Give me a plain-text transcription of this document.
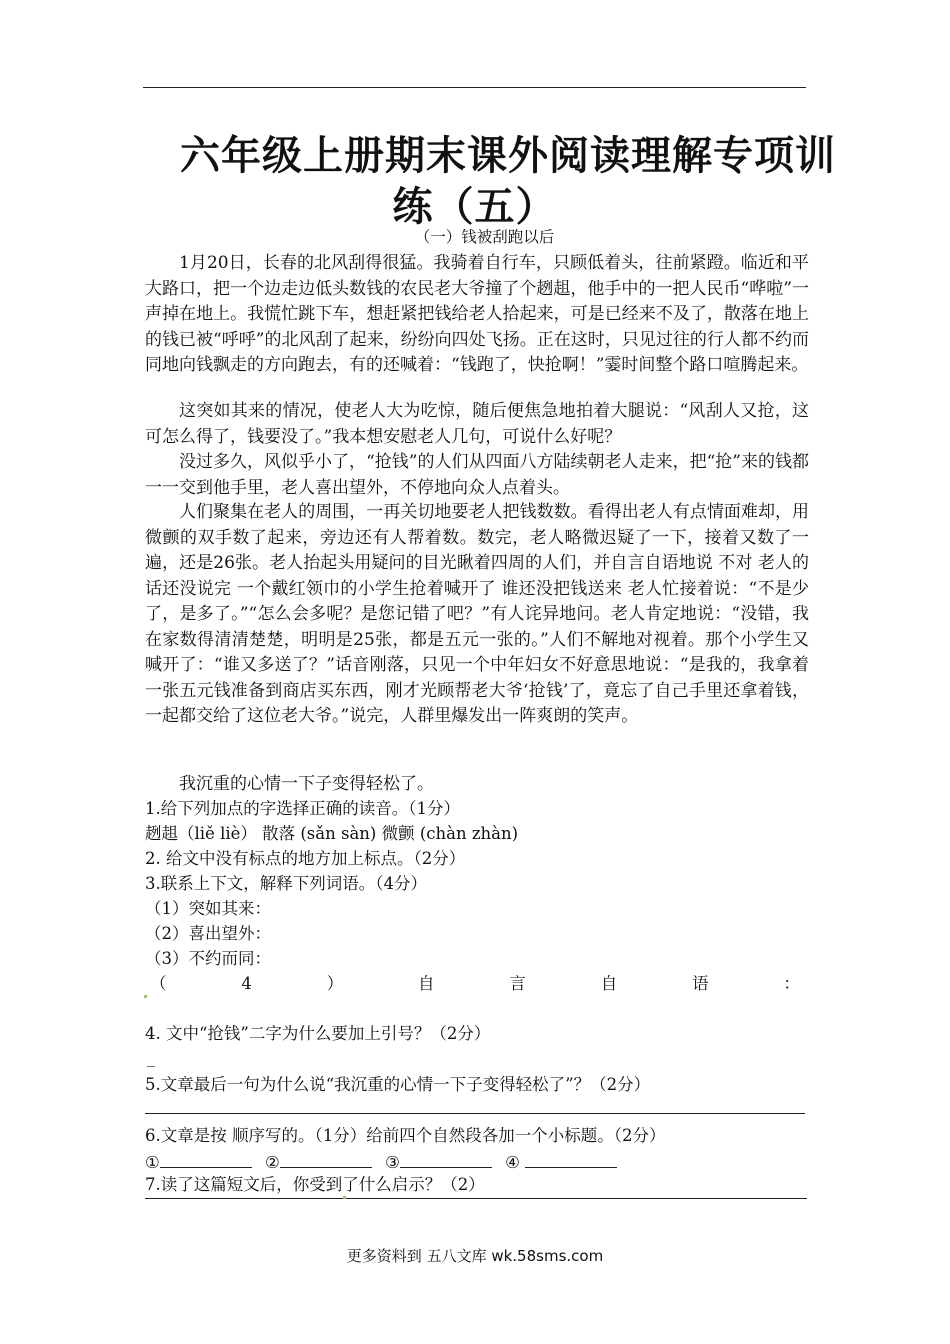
六年级上册期末课外阅读理解专项训
练（五）
（一）钱被刮跑以后

1月20日，长春的北风刮得很猛。我骑着自行车，只顾低着头，往前紧蹬。临近和平大路口，把一个边走边低头数钱的农民老大爷撞了个趔趄，他手中的一把人民币“哗啦”一声掉在地上。我慌忙跳下车，想赶紧把钱给老人拾起来，可是已经来不及了，散落在地上的钱已被“呼呼”的北风刮了起来，纷纷向四处飞扬。正在这时，只见过往的行人都不约而同地向钱飘走的方向跑去，有的还喊着：“钱跑了，快抢啊！”霎时间整个路口喧腾起来。

这突如其来的情况，使老人大为吃惊，随后便焦急地拍着大腿说：“风刮人又抢，这可怎么得了，钱要没了。”我本想安慰老人几句，可说什么好呢？

没过多久，风似乎小了，“抢钱”的人们从四面八方陆续朝老人走来，把“抢”来的钱都一一交到他手里，老人喜出望外，不停地向众人点着头。

人们聚集在老人的周围，一再关切地要老人把钱数数。看得出老人有点情面难却，用微颤的双手数了起来，旁边还有人帮着数。数完，老人略微迟疑了一下，接着又数了一遍，还是26张。老人抬起头用疑问的目光瞅着四周的人们，并自言自语地说 不对 老人的话还没说完 一个戴红领巾的小学生抢着喊开了 谁还没把钱送来 老人忙接着说：“不是少了，是多了。”“怎么会多呢？是您记错了吧？”有人诧异地问。老人肯定地说：“没错，我在家数得清清楚楚，明明是25张，都是五元一张的。”人们不解地对视着。那个小学生又喊开了：“谁又多送了？”话音刚落，只见一个中年妇女不好意思地说：“是我的，我拿着一张五元钱准备到商店买东西，刚才光顾帮老大爷‘抢钱’了，竟忘了自己手里还拿着钱，一起都交给了这位老大爷。”说完，人群里爆发出一阵爽朗的笑声。

我沉重的心情一下子变得轻松了。

1.给下列加点的字选择正确的读音。（1分）
趔趄（liě liè） 散落 (sǎn sàn) 微颤 (chàn zhàn)
2. 给文中没有标点的地方加上标点。（2分）
3.联系上下文，解释下列词语。（4分）
（1）突如其来：
（2）喜出望外：
（3）不约而同：
（	4	）	自	言	自	语	：
4. 文中“抢钱”二字为什么要加上引号？（2分）
_
5.文章最后一句为什么说“我沉重的心情一下子变得轻松了”？（2分）
6.文章是按 顺序写的。（1分）给前四个自然段各加一个小标题。（2分）
①	②	③	④
7.读了这篇短文后，你受到了什么启示？（2）
更多资料到 五八文库 wk.58sms.com
